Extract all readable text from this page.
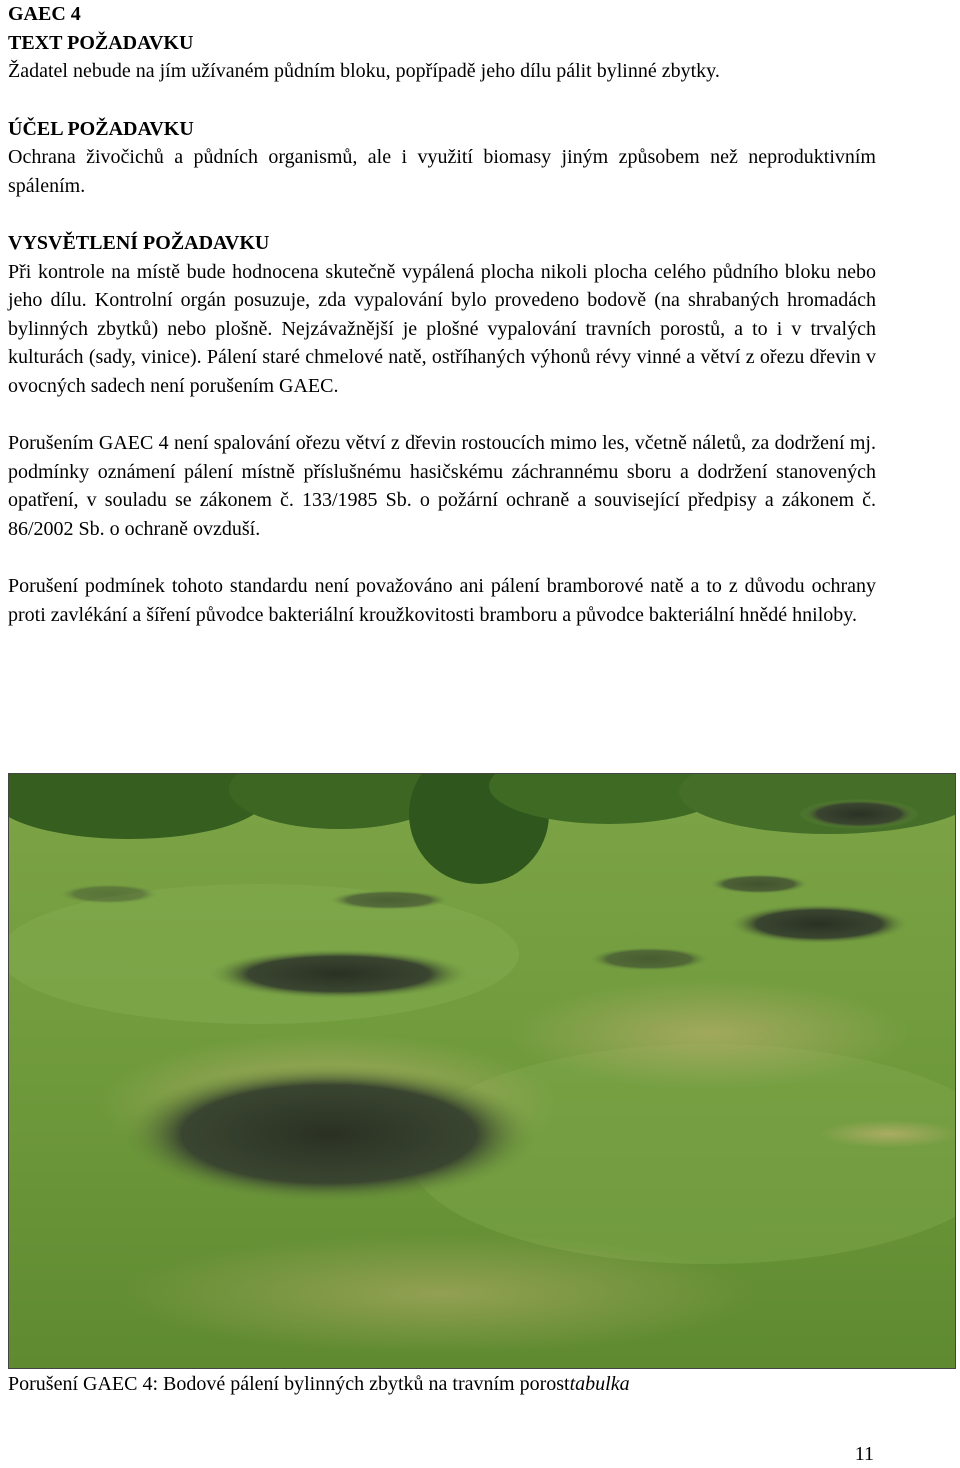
GAEC 4

TEXT POŽADAVKU

Žadatel nebude na jím užívaném půdním bloku, popřípadě jeho dílu pálit bylinné zbytky.

ÚČEL POŽADAVKU

Ochrana živočichů a půdních organismů, ale i využití biomasy jiným způsobem než neproduktivním spálením.

VYSVĚTLENÍ POŽADAVKU

Při kontrole na místě bude hodnocena skutečně vypálená plocha nikoli plocha celého půdního bloku nebo jeho dílu. Kontrolní orgán posuzuje, zda vypalování bylo provedeno bodově (na shrabaných hromadách bylinných zbytků) nebo plošně. Nejzávažnější je plošné vypalování travních porostů, a to i v trvalých kulturách (sady, vinice). Pálení staré chmelové natě, ostříhaných výhonů révy vinné a větví z ořezu dřevin v ovocných sadech není porušením GAEC.

Porušením GAEC 4 není spalování ořezu větví z dřevin rostoucích mimo les, včetně náletů, za dodržení mj. podmínky oznámení pálení místně příslušnému hasičskému záchrannému sboru a dodržení stanovených opatření, v souladu se zákonem č. 133/1985 Sb. o požární ochraně a související předpisy a zákonem č. 86/2002 Sb. o ochraně ovzduší.

Porušení podmínek tohoto standardu není považováno ani pálení bramborové natě a to z důvodu ochrany proti zavlékání a šíření původce bakteriální kroužkovitosti bramboru a původce bakteriální hnědé hniloby.

Porušení GAEC 4: Bodové pálení bylinných zbytků na travním porosttabulka
11
